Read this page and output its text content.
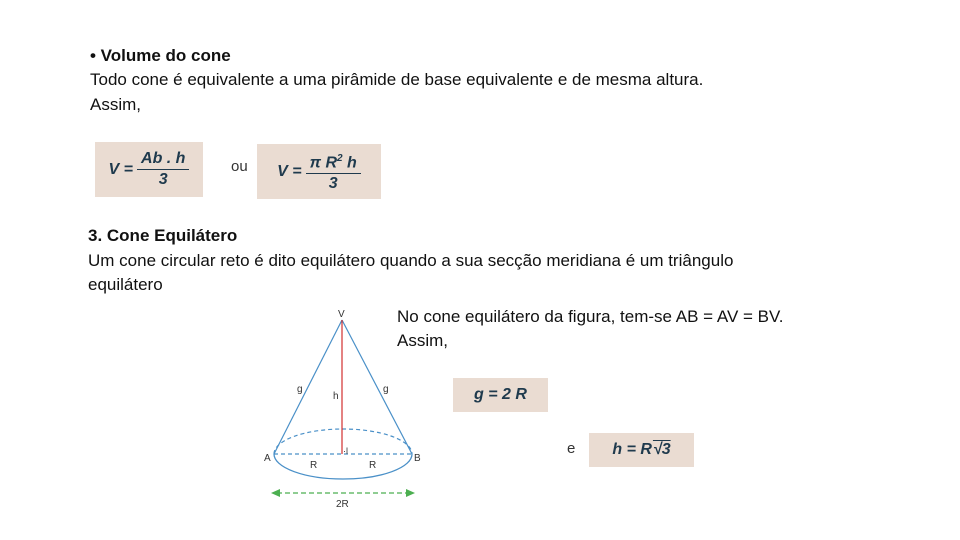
• Volume do cone
Todo cone é equivalente a uma pirâmide de base equivalente e de mesma altura.
Assim,
$V = \frac{Ab . h}{3}$	ou $V = \frac{\pi R^2 h}{3}$
3. Cone Equilátero
Um cone circular reto é dito equilátero quando a sua secção meridiana é um triângulo
equilátero
V
A	B
g	g
h
R	R
·l
2R
No cone equilátero da figura, tem-se AB = AV = BV.
Assim,
g = 2 R
e h = R √3
